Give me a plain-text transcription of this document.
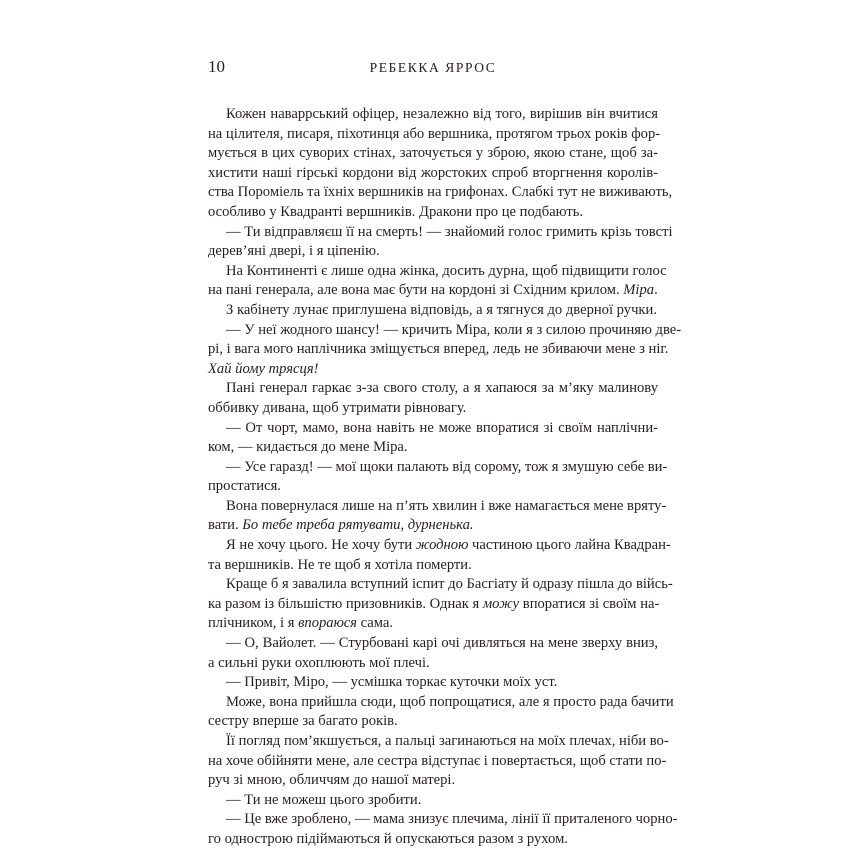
10	РЕБЕККА ЯРРОС
Кожен наваррський офіцер, незалежно від того, вирішив він вчитися
на цілителя, писаря, піхотинця або вершника, протягом трьох років фор-
мується в цих суворих стінах, заточується у зброю, якою стане, щоб за-
хистити наші гірські кордони від жорстоких спроб вторгнення королів-
ства Пороміель та їхніх вершників на грифонах. Слабкі тут не виживають,
особливо у Квадранті вершників. Дракони про це подбають.
— Ти відправляєш її на смерть! — знайомий голос гримить крізь товсті
дерев’яні двері, і я ціпенію.
На Континенті є лише одна жінка, досить дурна, щоб підвищити голос
на пані генерала, але вона має бути на кордоні зі Східним крилом. Міра.
З кабінету лунає приглушена відповідь, а я тягнуся до дверної ручки.
— У неї жодного шансу! — кричить Міра, коли я з силою прочиняю две-
рі, і вага мого наплічника зміщується вперед, ледь не збиваючи мене з ніг.
Хай йому трясця!
Пані генерал гаркає з-за свого столу, а я хапаюся за м’яку малинову
оббивку дивана, щоб утримати рівновагу.
— От чорт, мамо, вона навіть не може впоратися зі своїм наплічни-
ком, — кидається до мене Міра.
— Усе гаразд! — мої щоки палають від сорому, тож я змушую себе ви-
простатися.
Вона повернулася лише на п’ять хвилин і вже намагається мене вряту-
вати. Бо тебе треба рятувати, дурненька.
Я не хочу цього. Не хочу бути жодною частиною цього лайна Квадран-
та вершників. Не те щоб я хотіла померти.
Краще б я завалила вступний іспит до Басгіату й одразу пішла до війсь-
ка разом із більшістю призовників. Однак я можу впоратися зі своїм на-
плічником, і я впораюся сама.
— О, Вайолет. — Стурбовані карі очі дивляться на мене зверху вниз,
а сильні руки охоплюють мої плечі.
— Привіт, Міро, — усмішка торкає куточки моїх уст.
Може, вона прийшла сюди, щоб попрощатися, але я просто рада бачити
сестру вперше за багато років.
Її погляд пом’якшується, а пальці загинаються на моїх плечах, ніби во-
на хоче обійняти мене, але сестра відступає і повертається, щоб стати по-
руч зі мною, обличчям до нашої матері.
— Ти не можеш цього зробити.
— Це вже зроблено, — мама знизує плечима, лінії її приталеного чорно-
го однострою підіймаються й опускаються разом з рухом.
